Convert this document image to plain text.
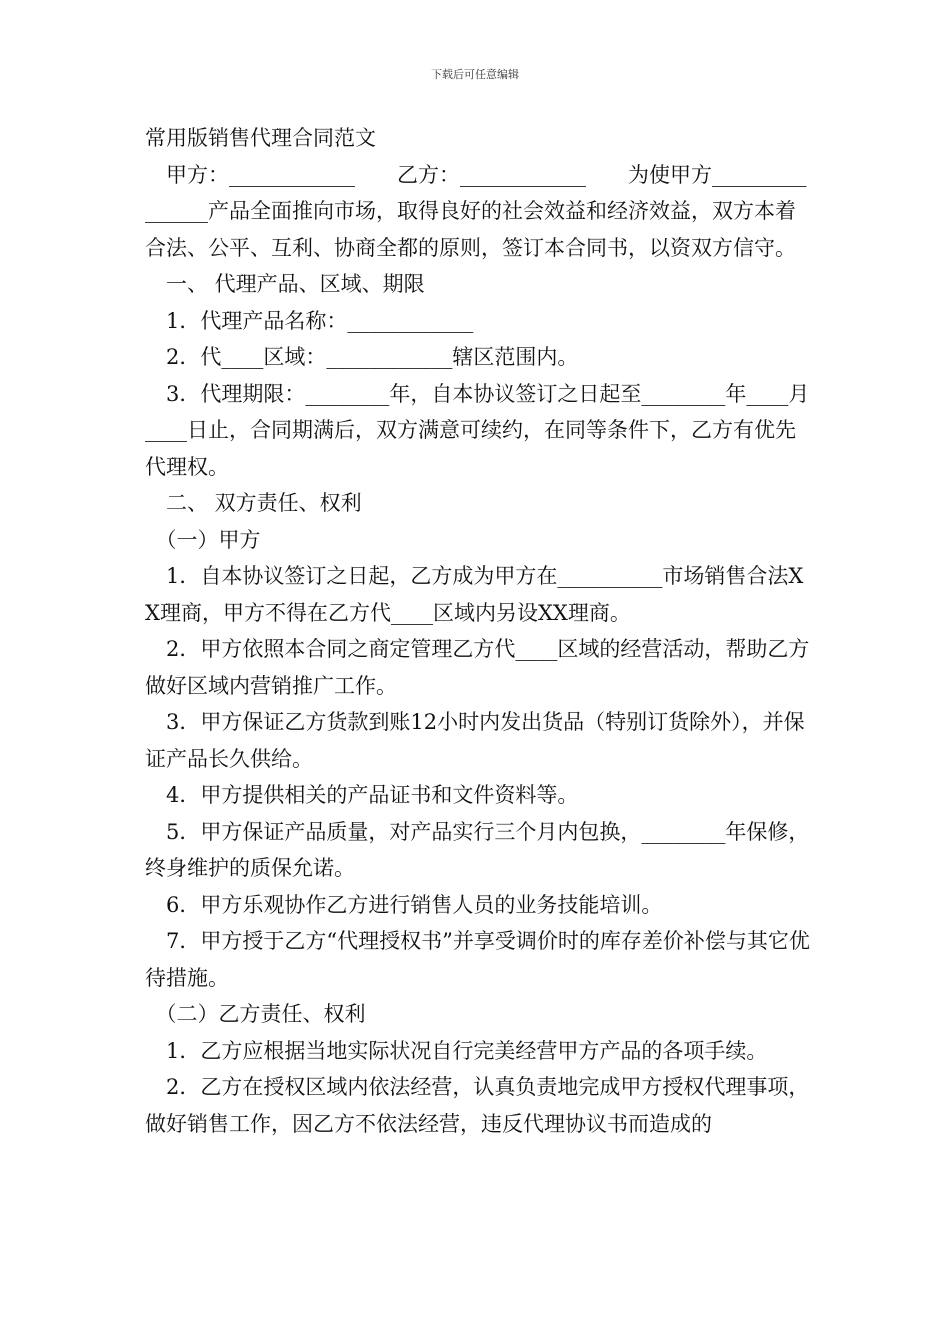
下载后可任意编辑

常用版销售代理合同范文

　甲方：____________　　乙方：____________　　为使甲方_______________产品全面推向市场，取得良好的社会效益和经济效益，双方本着合法、公平、互利、协商全都的原则，签订本合同书，以资双方信守。

　一、 代理产品、区域、期限

　1．代理产品名称：____________

　2．代____区域：____________辖区范围内。

　3．代理期限：________年，自本协议签订之日起至________年____月____日止，合同期满后，双方满意可续约，在同等条件下，乙方有优先代理权。

　二、 双方责任、权利

　（一）甲方

　1．自本协议签订之日起，乙方成为甲方在__________市场销售合法XX理商，甲方不得在乙方代____区域内另设XX理商。

　2．甲方依照本合同之商定管理乙方代____区域的经营活动，帮助乙方做好区域内营销推广工作。

　3．甲方保证乙方货款到账12小时内发出货品（特别订货除外），并保证产品长久供给。

　4．甲方提供相关的产品证书和文件资料等。

　5．甲方保证产品质量，对产品实行三个月内包换，________年保修，终身维护的质保允诺。

　6．甲方乐观协作乙方进行销售人员的业务技能培训。

　7．甲方授于乙方“代理授权书”并享受调价时的库存差价补偿与其它优待措施。

　（二）乙方责任、权利

　1．乙方应根据当地实际状况自行完美经营甲方产品的各项手续。

　2．乙方在授权区域内依法经营，认真负责地完成甲方授权代理事项，做好销售工作，因乙方不依法经营，违反代理协议书而造成的
